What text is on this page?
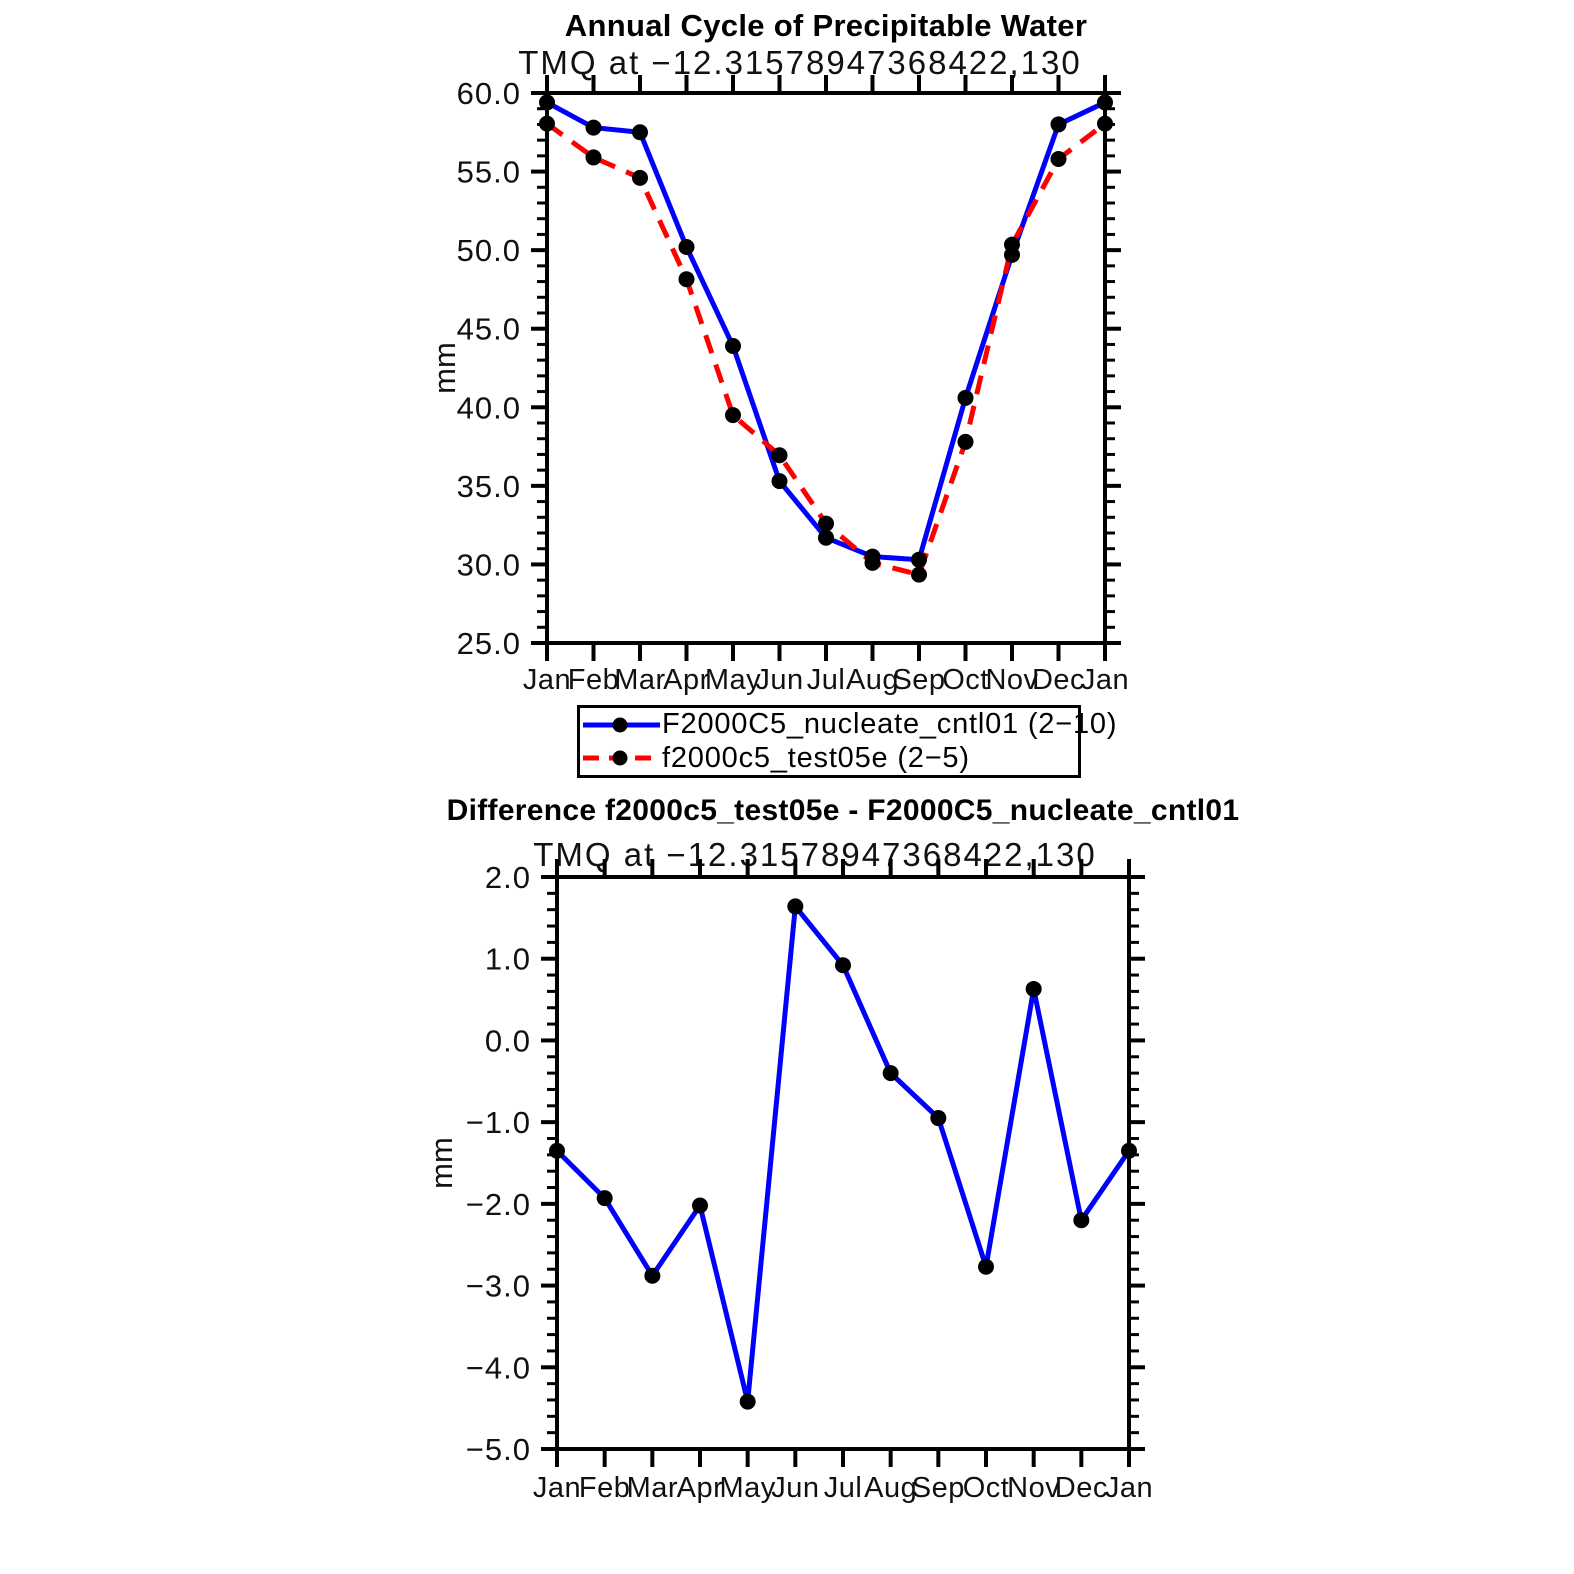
Annual Cycle of Precipitable Water
TMQ at −12.31578947368422,130
Difference f2000c5_test05e - F2000C5_nucleate_cntl01
TMQ at −12.31578947368422,130
60.0
55.0
50.0
45.0
40.0
35.0
30.0
25.0
Jan
Feb
Mar
Apr
May
Jun Jul Aug
Sep
Oct
Nov
Dec
Jan
mm
2.0
1.0
0.0
−1.0
−2.0
−3.0
−4.0
−5.0
Jan
Feb
Mar
Apr
May
Jun Jul Aug
Sep
Oct
Nov
Dec
Jan
mm
F2000C5_nucleate_cntl01 (2−10)
f2000c5_test05e (2−5)
